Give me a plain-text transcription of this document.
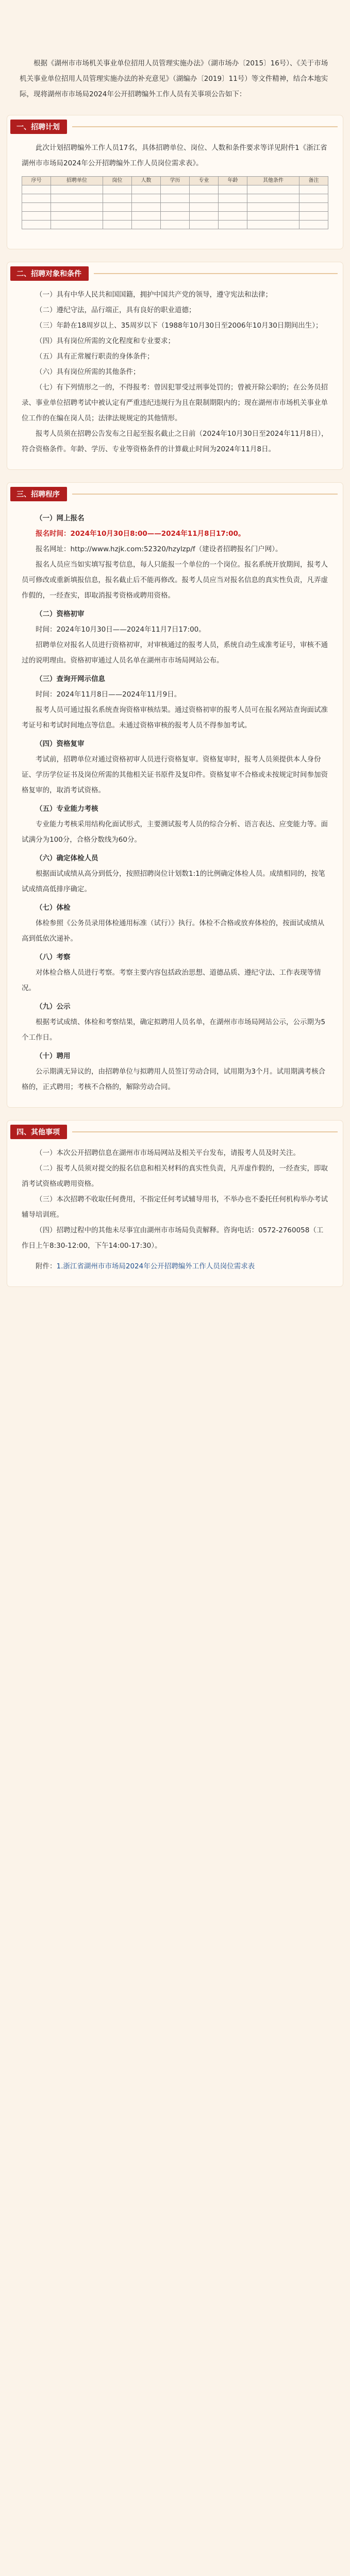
根据《湖州市市场机关事业单位招用人员管理实施办法》（湖市场办〔2015〕16号）、《关于市场机关事业单位招用人员管理实施办法的补充意见》（湖编办〔2019〕11号）等文件精神，结合本地实际，现将湖州市市场局2024年公开招聘编外工作人员有关事项公告如下：
一、招聘计划

此次计划招聘编外工作人员17名，具体招聘单位、岗位、人数和条件要求等详见附件1《浙江省湖州市市场局2024年公开招聘编外工作人员岗位需求表》。

序号	招聘单位	岗位	人数	学历	专业	年龄	其他条件	备注

二、招聘对象和条件

（一）具有中华人民共和国国籍，拥护中国共产党的领导，遵守宪法和法律；

（二）遵纪守法，品行端正，具有良好的职业道德；

（三）年龄在18周岁以上、35周岁以下（1988年10月30日至2006年10月30日期间出生）；

（四）具有岗位所需的文化程度和专业要求；

（五）具有正常履行职责的身体条件；

（六）具有岗位所需的其他条件；

（七）有下列情形之一的，不得报考：曾因犯罪受过刑事处罚的；曾被开除公职的；在公务员招录、事业单位招聘考试中被认定有严重违纪违规行为且在限制期限内的；现在湖州市市场机关事业单位工作的在编在岗人员；法律法规规定的其他情形。

报考人员须在招聘公告发布之日起至报名截止之日前（2024年10月30日至2024年11月8日），符合资格条件。年龄、学历、专业等资格条件的计算截止时间为2024年11月8日。

三、招聘程序

（一）网上报名

报名时间：2024年10月30日8:00——2024年11月8日17:00。

报名网址：http://www.hzjk.com:52320/hzylzp/f（建设者招聘报名门户网）。

报名人员应当如实填写报考信息，每人只能报一个单位的一个岗位。报名系统开放期间，报考人员可修改或重新填报信息，报名截止后不能再修改。报考人员应当对报名信息的真实性负责，凡弄虚作假的，一经查实，即取消报考资格或聘用资格。

（二）资格初审

时间：2024年10月30日——2024年11月7日17:00。

招聘单位对报名人员进行资格初审，对审核通过的报考人员，系统自动生成准考证号，审核不通过的说明理由。资格初审通过人员名单在湖州市市场局网站公布。

（三）查询开网示信息

时间：2024年11月8日——2024年11月9日。

报考人员可通过报名系统查询资格审核结果。通过资格初审的报考人员可在报名网站查询面试准考证号和考试时间地点等信息。未通过资格审核的报考人员不得参加考试。

（四）资格复审

考试前，招聘单位对通过资格初审人员进行资格复审。资格复审时，报考人员须提供本人身份证、学历学位证书及岗位所需的其他相关证书原件及复印件。资格复审不合格或未按规定时间参加资格复审的，取消考试资格。

（五）专业能力考核

专业能力考核采用结构化面试形式，主要测试报考人员的综合分析、语言表达、应变能力等。面试满分为100分，合格分数线为60分。

（六）确定体检人员

根据面试成绩从高分到低分，按照招聘岗位计划数1:1的比例确定体检人员。成绩相同的，按笔试成绩高低排序确定。

（七）体检

体检参照《公务员录用体检通用标准（试行）》执行。体检不合格或放弃体检的，按面试成绩从高到低依次递补。

（八）考察

对体检合格人员进行考察。考察主要内容包括政治思想、道德品质、遵纪守法、工作表现等情况。

（九）公示

根据考试成绩、体检和考察结果，确定拟聘用人员名单，在湖州市市场局网站公示，公示期为5个工作日。

（十）聘用

公示期满无异议的，由招聘单位与拟聘用人员签订劳动合同，试用期为3个月。试用期满考核合格的，正式聘用；考核不合格的，解除劳动合同。

四、其他事项

（一）本次公开招聘信息在湖州市市场局网站及相关平台发布，请报考人员及时关注。

（二）报考人员须对提交的报名信息和相关材料的真实性负责，凡弄虚作假的，一经查实，即取消考试资格或聘用资格。

（三）本次招聘不收取任何费用，不指定任何考试辅导用书，不举办也不委托任何机构举办考试辅导培训班。

（四）招聘过程中的其他未尽事宜由湖州市市场局负责解释。咨询电话：0572-2760058（工作日上午8:30-12:00，下午14:00-17:30）。

附件：1.浙江省湖州市市场局2024年公开招聘编外工作人员岗位需求表
